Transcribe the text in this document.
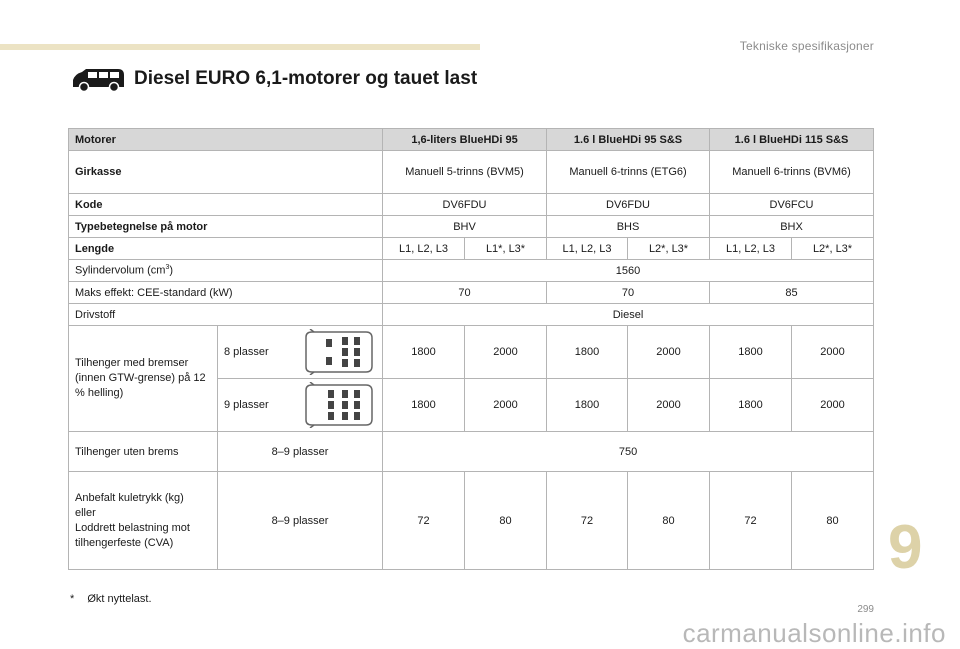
Tekniske spesifikasjoner
Diesel EURO 6,1-motorer og tauet last
Motorer		1,6-liters BlueHDi 95		1.6 l BlueHDi 95 S&S		1.6 l BlueHDi 115 S&S	
Girkasse		Manuell 5-trinns (BVM5)		Manuell 6-trinns (ETG6)		Manuell 6-trinns (BVM6)	
Kode		DV6FDU		DV6FDU		DV6FCU	
Typebetegnelse på motor		BHV		BHS		BHX	
Lengde		L1, L2, L3	L1*, L3*	L1, L2, L3	L2*, L3*	L1, L2, L3	L2*, L3*
Sylindervolum $(cm^3)$		1560					
Maks effekt: CEE-standard (kW)		70		70		85	
Drivstoff		Diesel					
Tilhenger med bremser (innen GTW-grense) på 12 % helling)	8 plasser	1800	2000	1800	2000	1800	2000

	9 plasser	1800	2000	1800	2000	1800	2000
Tilhenger uten brems	8–9 plasser	750					

Anbefalt kuletrykk (kg)
eller
Loddrett belastning mot tilhengerfeste (CVA)	8–9 plasser	72	80	72	80	72	80
* Økt nyttelast.
9
299
carmanualsonline.info
